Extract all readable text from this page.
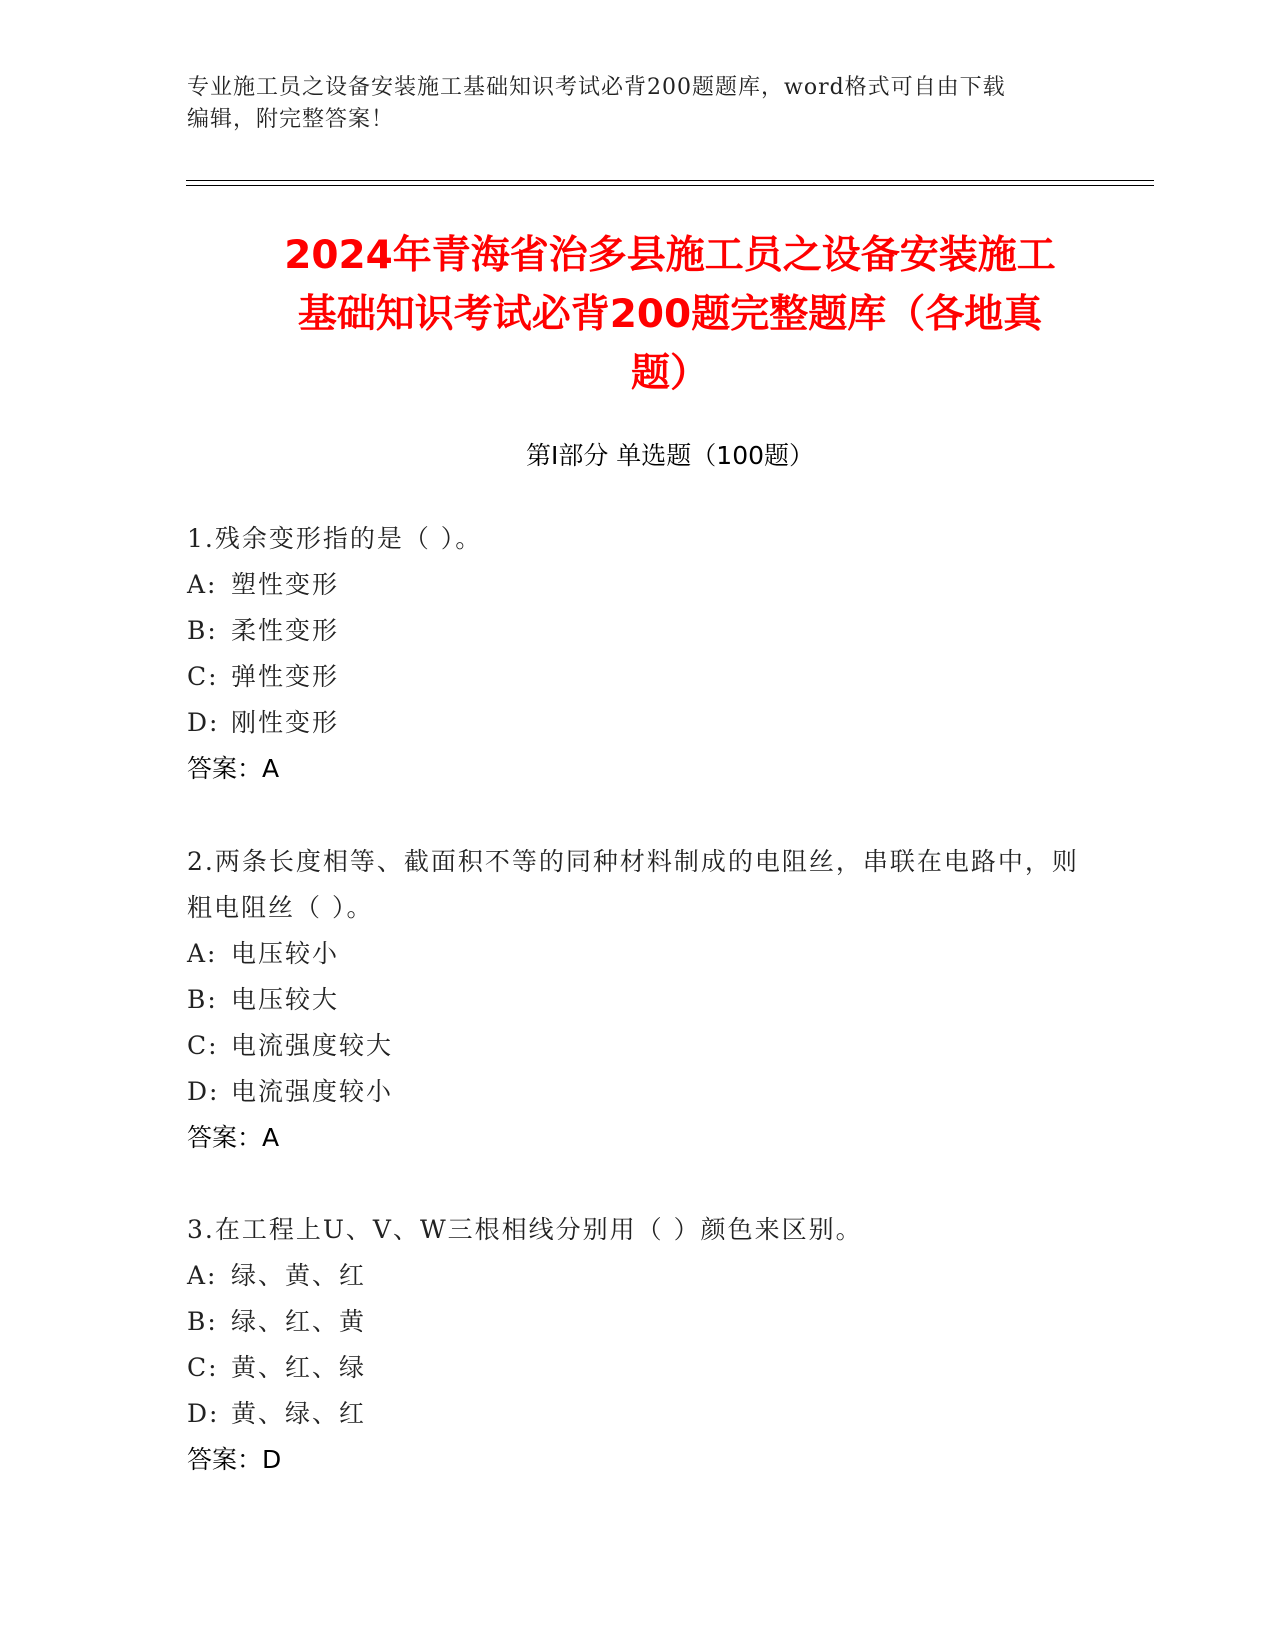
专业施工员之设备安装施工基础知识考试必背200题题库，word格式可自由下载
编辑，附完整答案！
2024年青海省治多县施工员之设备安装施工
基础知识考试必背200题完整题库（各地真
题）
第Ⅰ部分 单选题（100题）
1.残余变形指的是（ ）。
A: 塑性变形
B: 柔性变形
C: 弹性变形
D: 刚性变形
答案：A
2.两条长度相等、截面积不等的同种材料制成的电阻丝，串联在电路中，则粗电阻丝（ ）。
A: 电压较小
B: 电压较大
C: 电流强度较大
D: 电流强度较小
答案：A
3.在工程上U、V、W三根相线分别用（ ）颜色来区别。
A: 绿、黄、红
B: 绿、红、黄
C: 黄、红、绿
D: 黄、绿、红
答案：D
